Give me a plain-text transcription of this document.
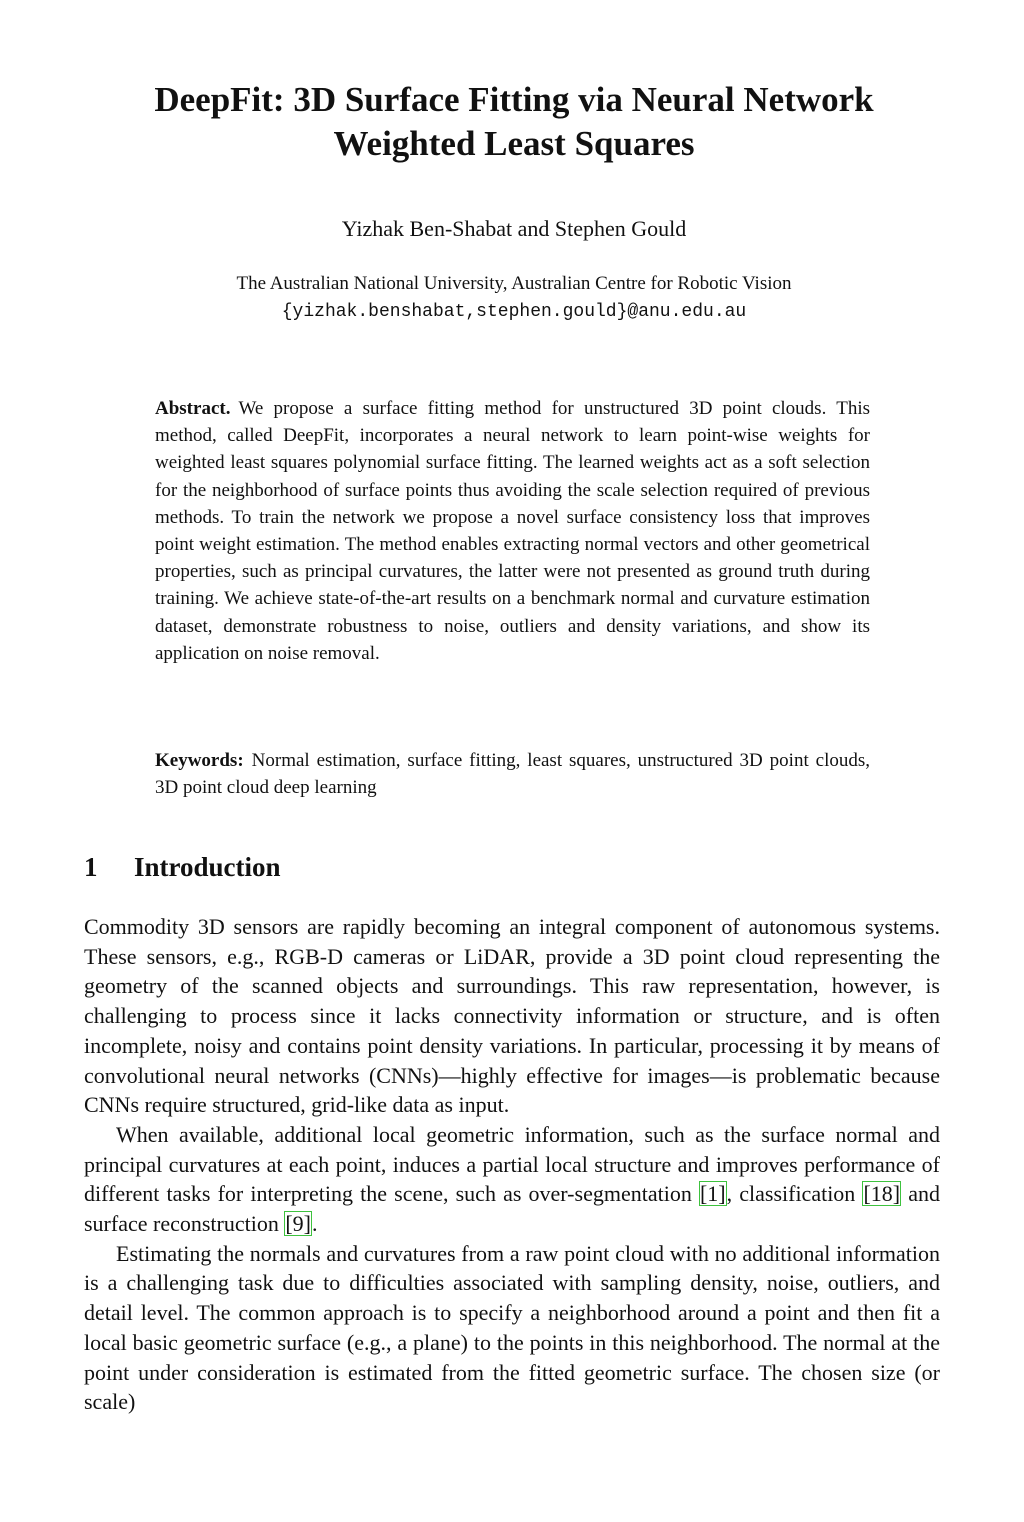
DeepFit: 3D Surface Fitting via Neural Network
Weighted Least Squares
Yizhak Ben-Shabat and Stephen Gould
The Australian National University, Australian Centre for Robotic Vision
{yizhak.benshabat,stephen.gould}@anu.edu.au
Abstract. We propose a surface fitting method for unstructured 3D point clouds. This method, called DeepFit, incorporates a neural network to learn point-wise weights for weighted least squares polynomial surface fitting. The learned weights act as a soft selection for the neighborhood of surface points thus avoiding the scale selection required of previous methods. To train the network we propose a novel surface consistency loss that improves point weight estimation. The method enables extracting normal vectors and other geometrical properties, such as principal curvatures, the latter were not presented as ground truth during training. We achieve state-of-the-art results on a benchmark normal and curvature estimation dataset, demonstrate robustness to noise, outliers and density variations, and show its application on noise removal.
Keywords: Normal estimation, surface fitting, least squares, unstructured 3D point clouds, 3D point cloud deep learning
1 Introduction

Commodity 3D sensors are rapidly becoming an integral component of autonomous systems. These sensors, e.g., RGB-D cameras or LiDAR, provide a 3D point cloud representing the geometry of the scanned objects and surroundings. This raw representation, however, is challenging to process since it lacks connectivity information or structure, and is often incomplete, noisy and contains point density variations. In particular, processing it by means of convolutional neural networks (CNNs)—highly effective for images—is problematic because CNNs require structured, grid-like data as input.

When available, additional local geometric information, such as the surface normal and principal curvatures at each point, induces a partial local structure and improves performance of different tasks for interpreting the scene, such as over-segmentation [1], classification [18] and surface reconstruction [9].

Estimating the normals and curvatures from a raw point cloud with no additional information is a challenging task due to difficulties associated with sampling density, noise, outliers, and detail level. The common approach is to specify a neighborhood around a point and then fit a local basic geometric surface (e.g., a plane) to the points in this neighborhood. The normal at the point under consideration is estimated from the fitted geometric surface. The chosen size (or scale)
